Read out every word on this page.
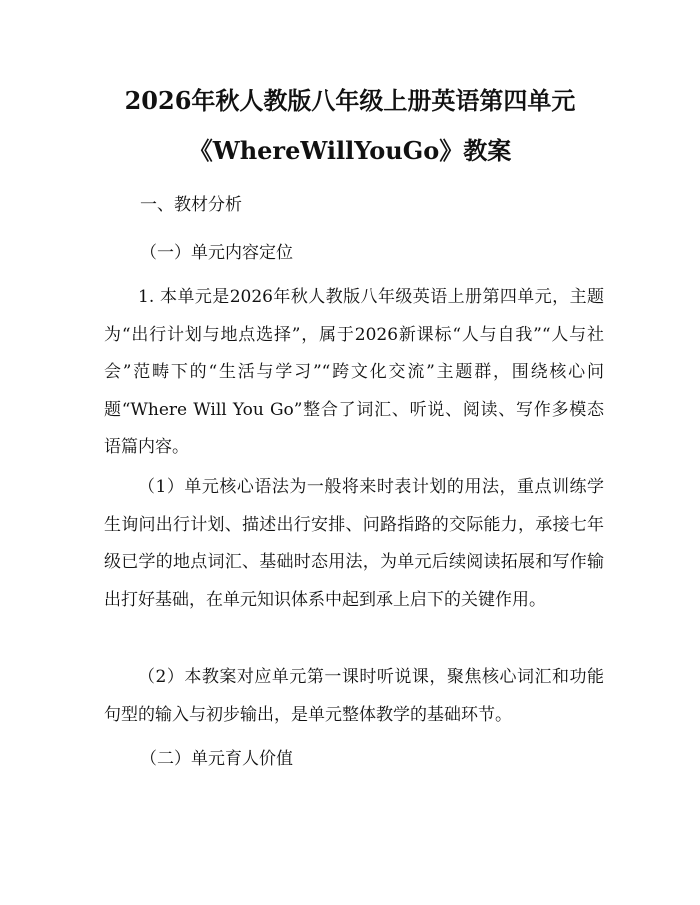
2026年秋人教版八年级上册英语第四单元
《WhereWillYouGo》教案

一、教材分析

（一）单元内容定位

1. 本单元是2026年秋人教版八年级英语上册第四单元，主题为“出行计划与地点选择”，属于2026新课标“人与自我”“人与社会”范畴下的“生活与学习”“跨文化交流”主题群，围绕核心问题“Where Will You Go”整合了词汇、听说、阅读、写作多模态语篇内容。

（1）单元核心语法为一般将来时表计划的用法，重点训练学生询问出行计划、描述出行安排、问路指路的交际能力，承接七年级已学的地点词汇、基础时态用法，为单元后续阅读拓展和写作输出打好基础，在单元知识体系中起到承上启下的关键作用。

（2）本教案对应单元第一课时听说课，聚焦核心词汇和功能句型的输入与初步输出，是单元整体教学的基础环节。

（二）单元育人价值
